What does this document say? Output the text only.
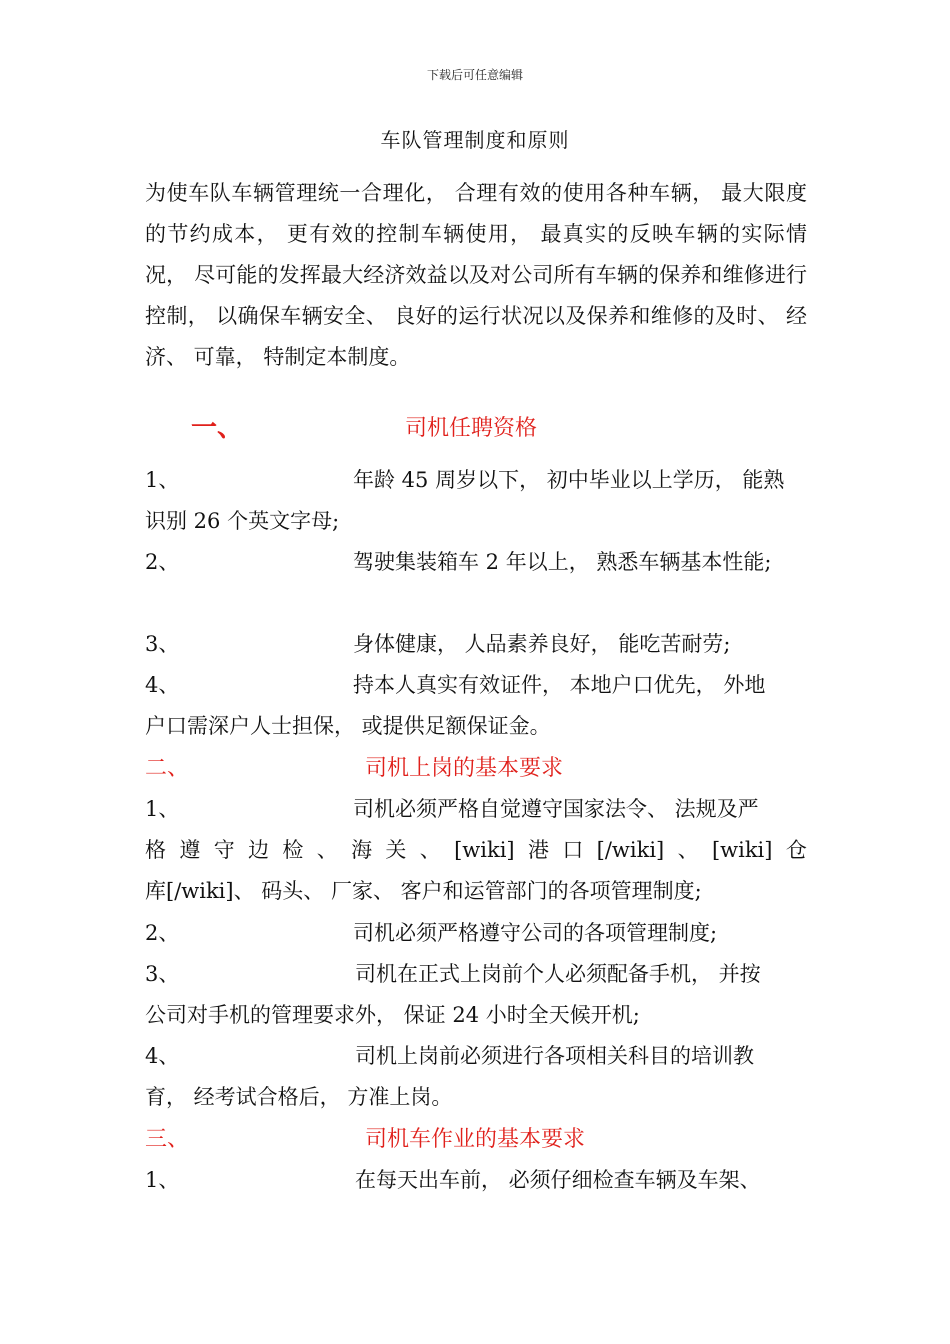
下载后可任意编辑
车队管理制度和原则

为使车队车辆管理统一合理化， 合理有效的使用各种车辆， 最大限度的节约成本， 更有效的控制车辆使用， 最真实的反映车辆的实际情况， 尽可能的发挥最大经济效益以及对公司所有车辆的保养和维修进行控制， 以确保车辆安全、 良好的运行状况以及保养和维修的及时、 经济、 可靠， 特制定本制度。

一、	司机任聘资格
1、	年龄 45 周岁以下， 初中毕业以上学历， 能熟
识别 26 个英文字母;
2、	驾驶集装箱车 2 年以上， 熟悉车辆基本性能;
3、	身体健康， 人品素养良好， 能吃苦耐劳;
4、	持本人真实有效证件， 本地户口优先， 外地
户口需深户人士担保， 或提供足额保证金。
二、	司机上岗的基本要求
1、	司机必须严格自觉遵守国家法令、 法规及严
格 遵 守 边 检 、 海 关 、 [wiki] 港 口 [/wiki] 、 [wiki] 仓
库[/wiki]、 码头、 厂家、 客户和运管部门的各项管理制度;
2、	司机必须严格遵守公司的各项管理制度;
3、	司机在正式上岗前个人必须配备手机， 并按
公司对手机的管理要求外， 保证 24 小时全天候开机;
4、	司机上岗前必须进行各项相关科目的培训教
育， 经考试合格后， 方准上岗。
三、	司机车作业的基本要求
1、	在每天出车前， 必须仔细检查车辆及车架、
